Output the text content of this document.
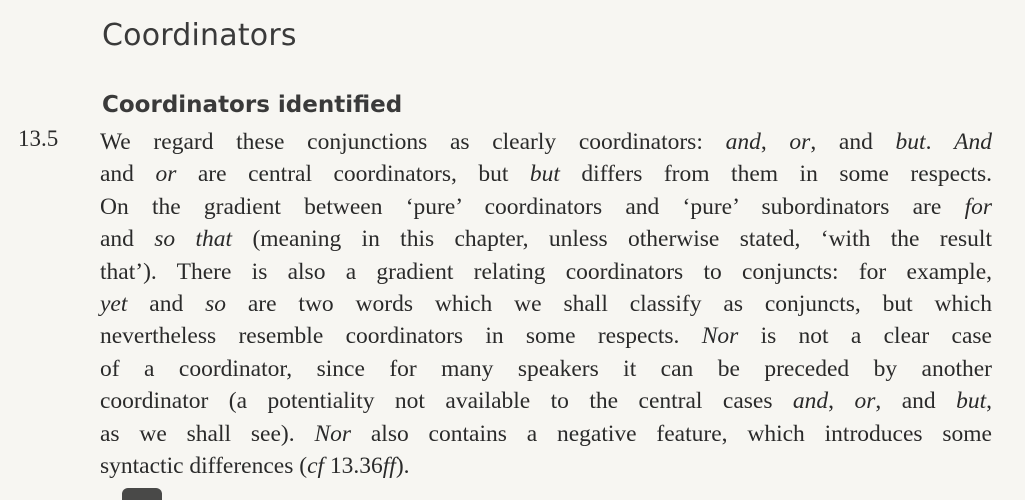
Coordinators
Coordinators identified
13.5 We regard these conjunctions as clearly coordinators: and, or, and but. And
and or are central coordinators, but but differs from them in some respects.
On the gradient between ‘pure’ coordinators and ‘pure’ subordinators are for
and so that (meaning in this chapter, unless otherwise stated, ‘with the result
that’). There is also a gradient relating coordinators to conjuncts: for example,
yet and so are two words which we shall classify as conjuncts, but which
nevertheless resemble coordinators in some respects. Nor is not a clear case
of a coordinator, since for many speakers it can be preceded by another
coordinator (a potentiality not available to the central cases and, or, and but,
as we shall see). Nor also contains a negative feature, which introduces some
syntactic differences (cf 13.36ff).
